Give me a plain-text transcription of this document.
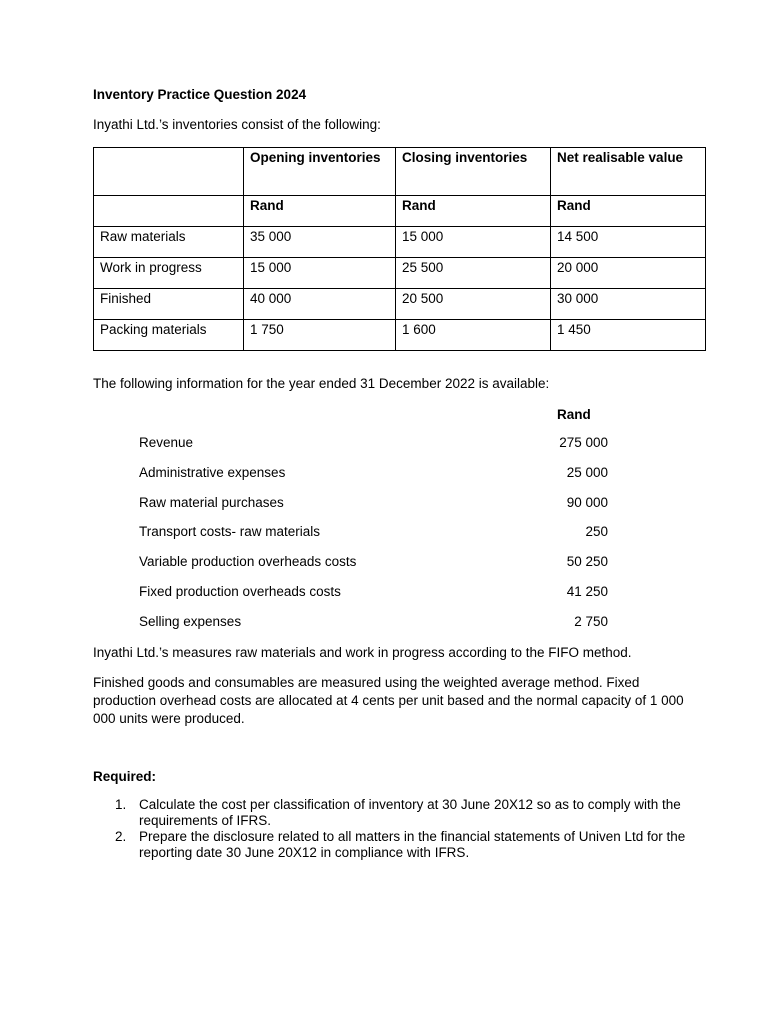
Inventory Practice Question 2024
Inyathi Ltd.’s inventories consist of the following:
	Opening inventories	Closing inventories	Net realisable value
	Rand	Rand	Rand
Raw materials	35 000	15 000	14 500
Work in progress	15 000	25 500	20 000
Finished	40 000	20 500	30 000
Packing materials	1 750	1 600	1 450
The following information for the year ended 31 December 2022 is available:
Rand
Revenue	275 000
Administrative expenses	25 000
Raw material purchases	90 000
Transport costs- raw materials	250
Variable production overheads costs	50 250
Fixed production overheads costs	41 250
Selling expenses	2 750
Inyathi Ltd.’s measures raw materials and work in progress according to the FIFO method.
Finished goods and consumables are measured using the weighted average method. Fixed production overhead costs are allocated at 4 cents per unit based and the normal capacity of 1 000 000 units were produced.
Required:
1. Calculate the cost per classification of inventory at 30 June 20X12 so as to comply with the requirements of IFRS.
2. Prepare the disclosure related to all matters in the financial statements of Univen Ltd for the reporting date 30 June 20X12 in compliance with IFRS.
